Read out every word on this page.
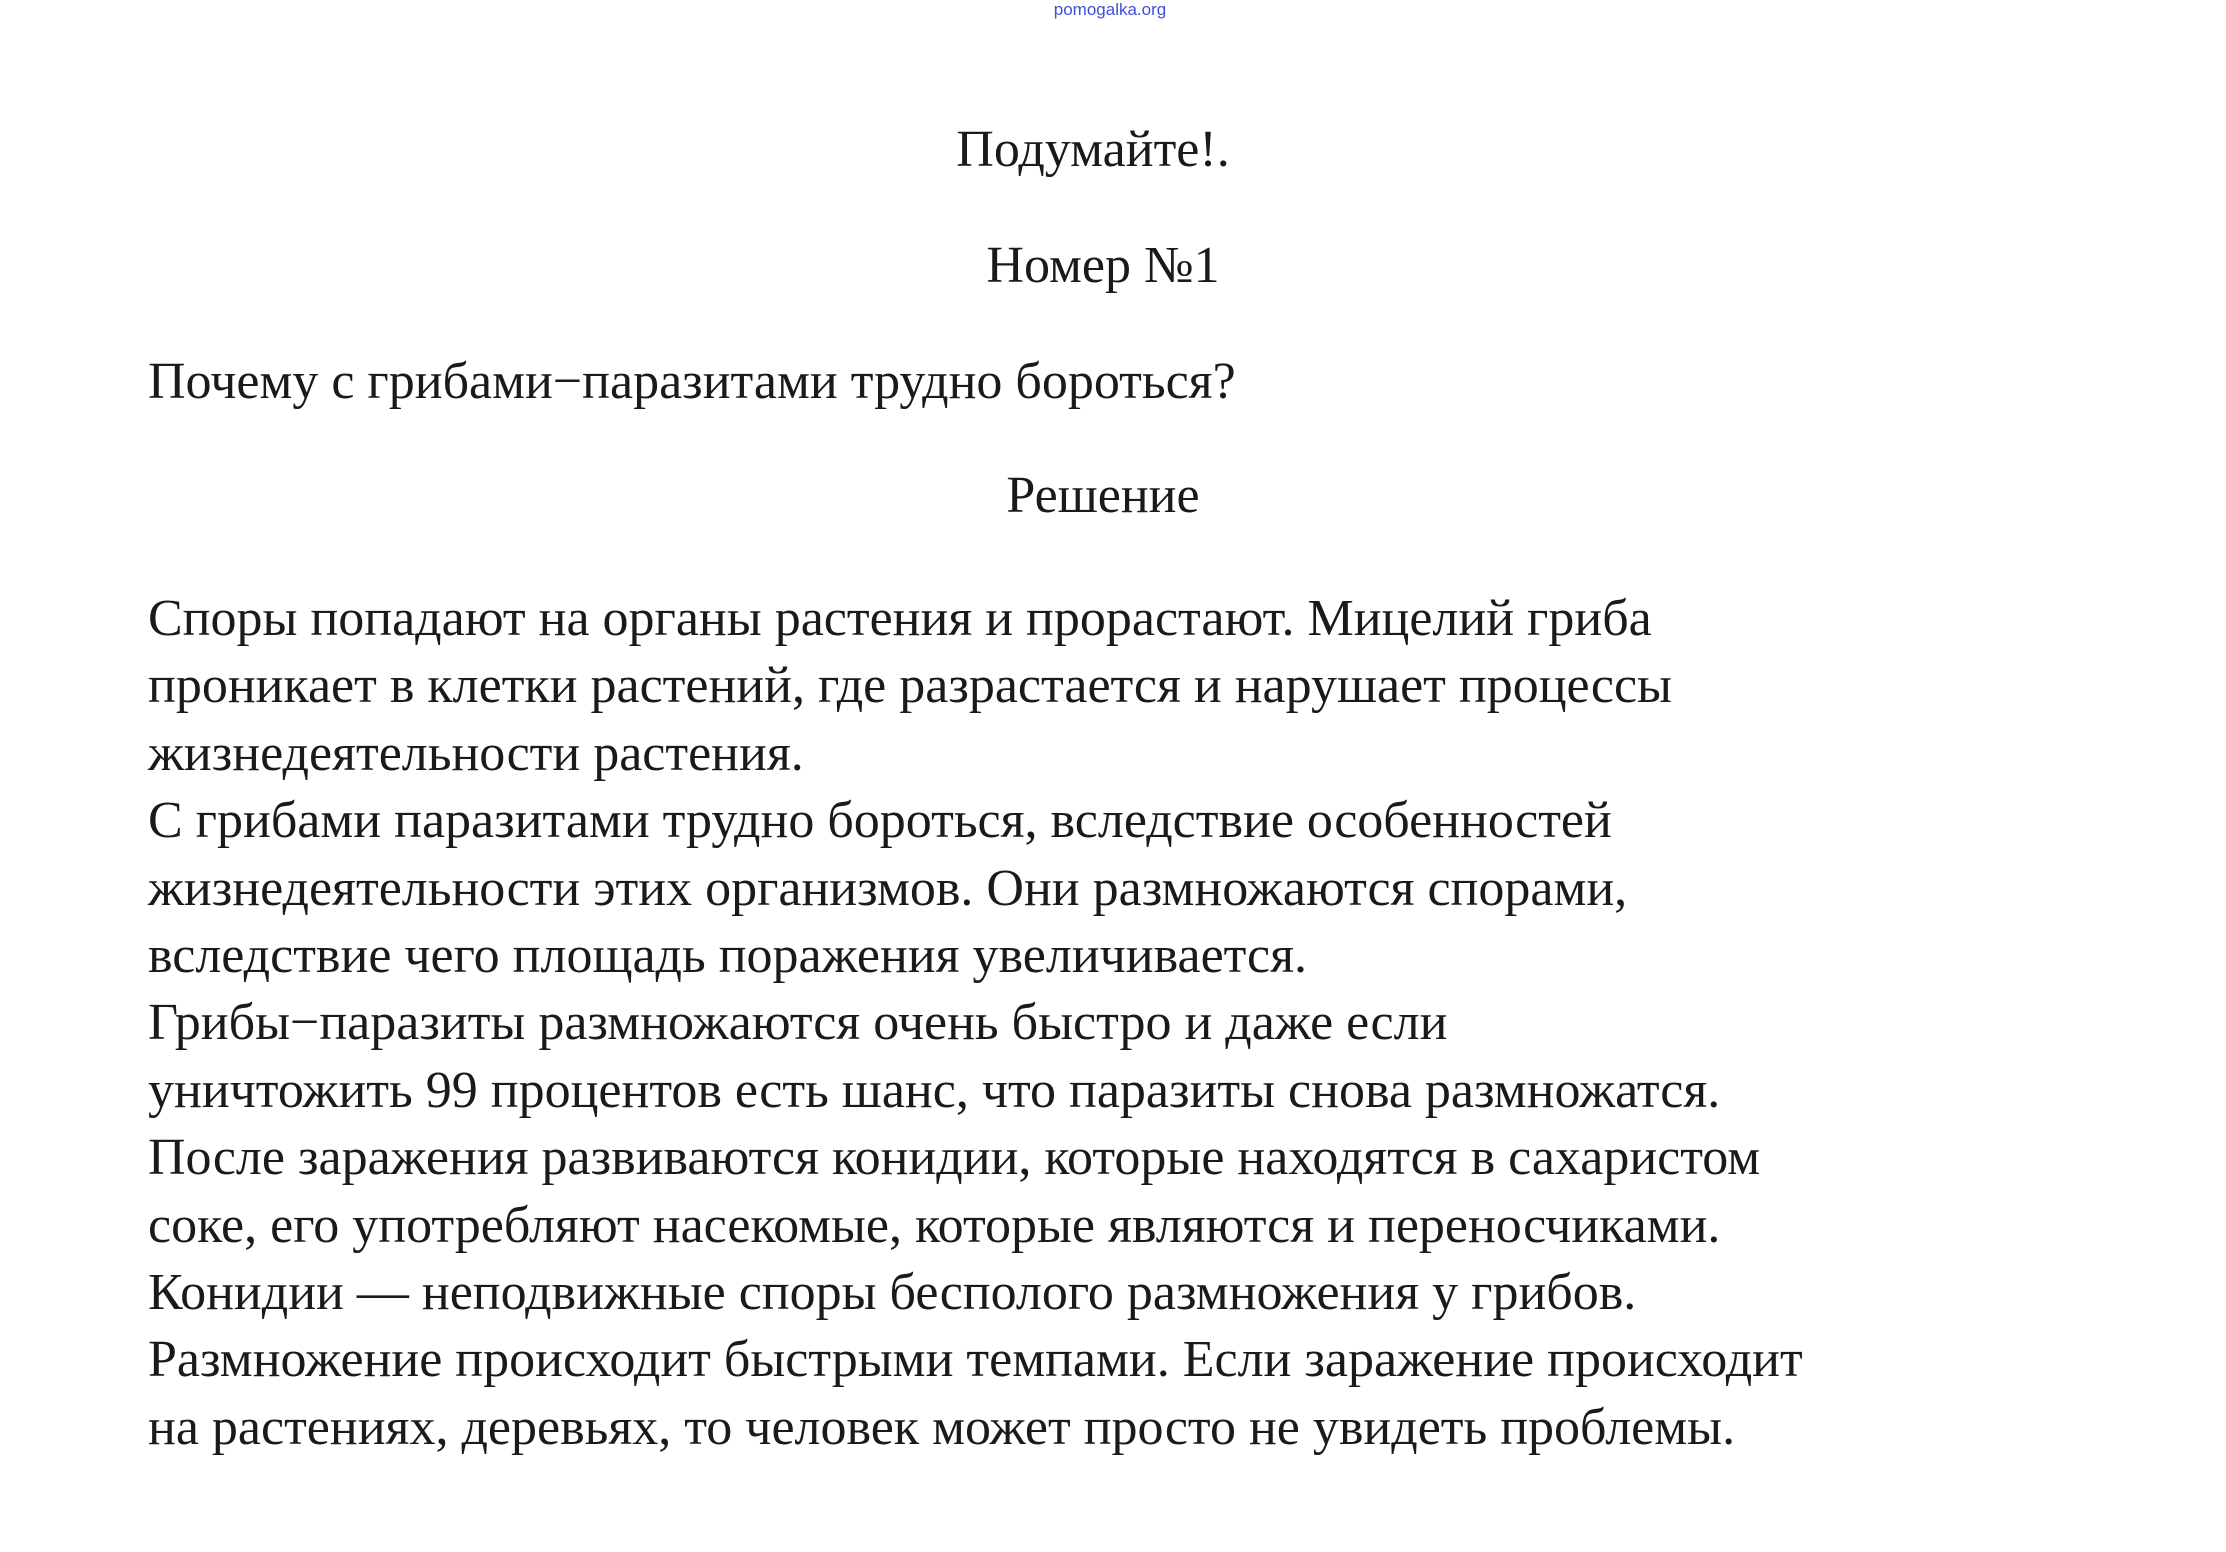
pomogalka.org
Подумайте!.
Номер №1
Почему с грибами−паразитами трудно бороться?
Решение
Споры попадают на органы растения и прорастают. Мицелий гриба
проникает в клетки растений, где разрастается и нарушает процессы
жизнедеятельности растения.
С грибами паразитами трудно бороться, вследствие особенностей
жизнедеятельности этих организмов. Они размножаются спорами,
вследствие чего площадь поражения увеличивается.
Грибы−паразиты размножаются очень быстро и даже если
уничтожить 99 процентов есть шанс, что паразиты снова размножатся.
После заражения развиваются конидии, которые находятся в сахаристом
соке, его употребляют насекомые, которые являются и переносчиками.
Конидии — неподвижные споры бесполого размножения у грибов.
Размножение происходит быстрыми темпами. Если заражение происходит
на растениях, деревьях, то человек может просто не увидеть проблемы.
